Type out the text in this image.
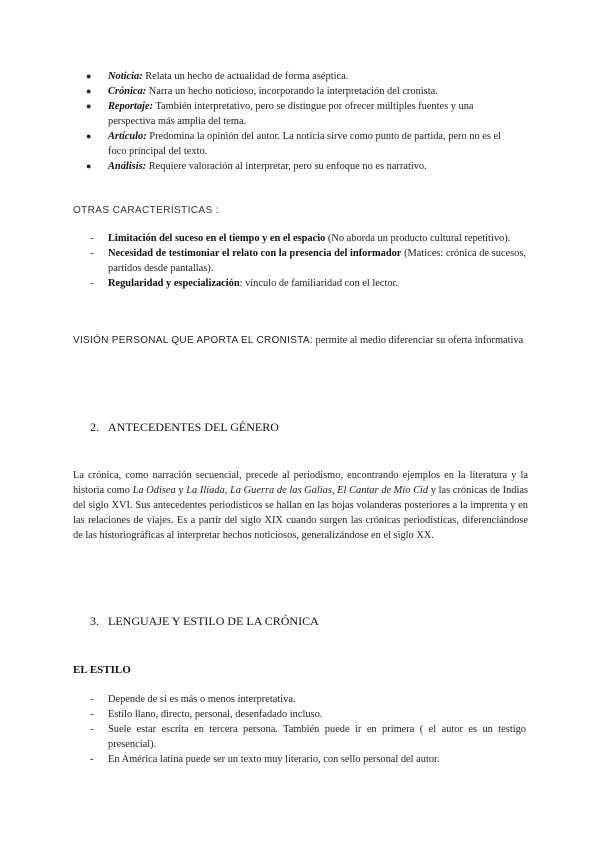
● Noticia: Relata un hecho de actualidad de forma aséptica.
● Crónica: Narra un hecho noticioso, incorporando la interpretación del cronista.
● Reportaje: También interpretativo, pero se distingue por ofrecer múltiples fuentes y una perspectiva más amplia del tema.
● Artículo: Predomina la opinión del autor. La noticia sirve como punto de partida, pero no es el foco principal del texto.
● Análisis: Requiere valoración al interpretar, pero su enfoque no es narrativo.
OTRAS CARACTERÍSTICAS :
- Limitación del suceso en el tiempo y en el espacio (No aborda un producto cultural repetitivo).
- Necesidad de testimoniar el relato con la presencia del informador (Matices: crónica de sucesos, partidos desde pantallas).
- Regularidad y especialización: vínculo de familiaridad con el lector.

VISIÓN PERSONAL QUE APORTA EL CRONISTA: permite al medio diferenciar su oferta informativa

2. ANTECEDENTES DEL GÉNERO

La crónica, como narración secuencial, precede al periodismo, encontrando ejemplos en la literatura y la historia como La Odisea y La Ilíada, La Guerra de las Galias, El Cantar de Mío Cid y las crónicas de Indias del siglo XVI. Sus antecedentes periodísticos se hallan en las hojas volanderas posteriores a la imprenta y en las relaciones de viajes. Es a partir del siglo XIX cuando surgen las crónicas periodísticas, diferenciándose de las historiográficas al interpretar hechos noticiosos, generalizándose en el siglo XX.

3. LENGUAJE Y ESTILO DE LA CRÓNICA
EL ESTILO
- Depende de si es más o menos interpretativa.
- Estilo llano, directo, personal, desenfadado incluso.
- Suele estar escrita en tercera persona. También puede ir en primera ( el autor es un testigo presencial).
- En América latina puede ser un texto muy literario, con sello personal del autor.
